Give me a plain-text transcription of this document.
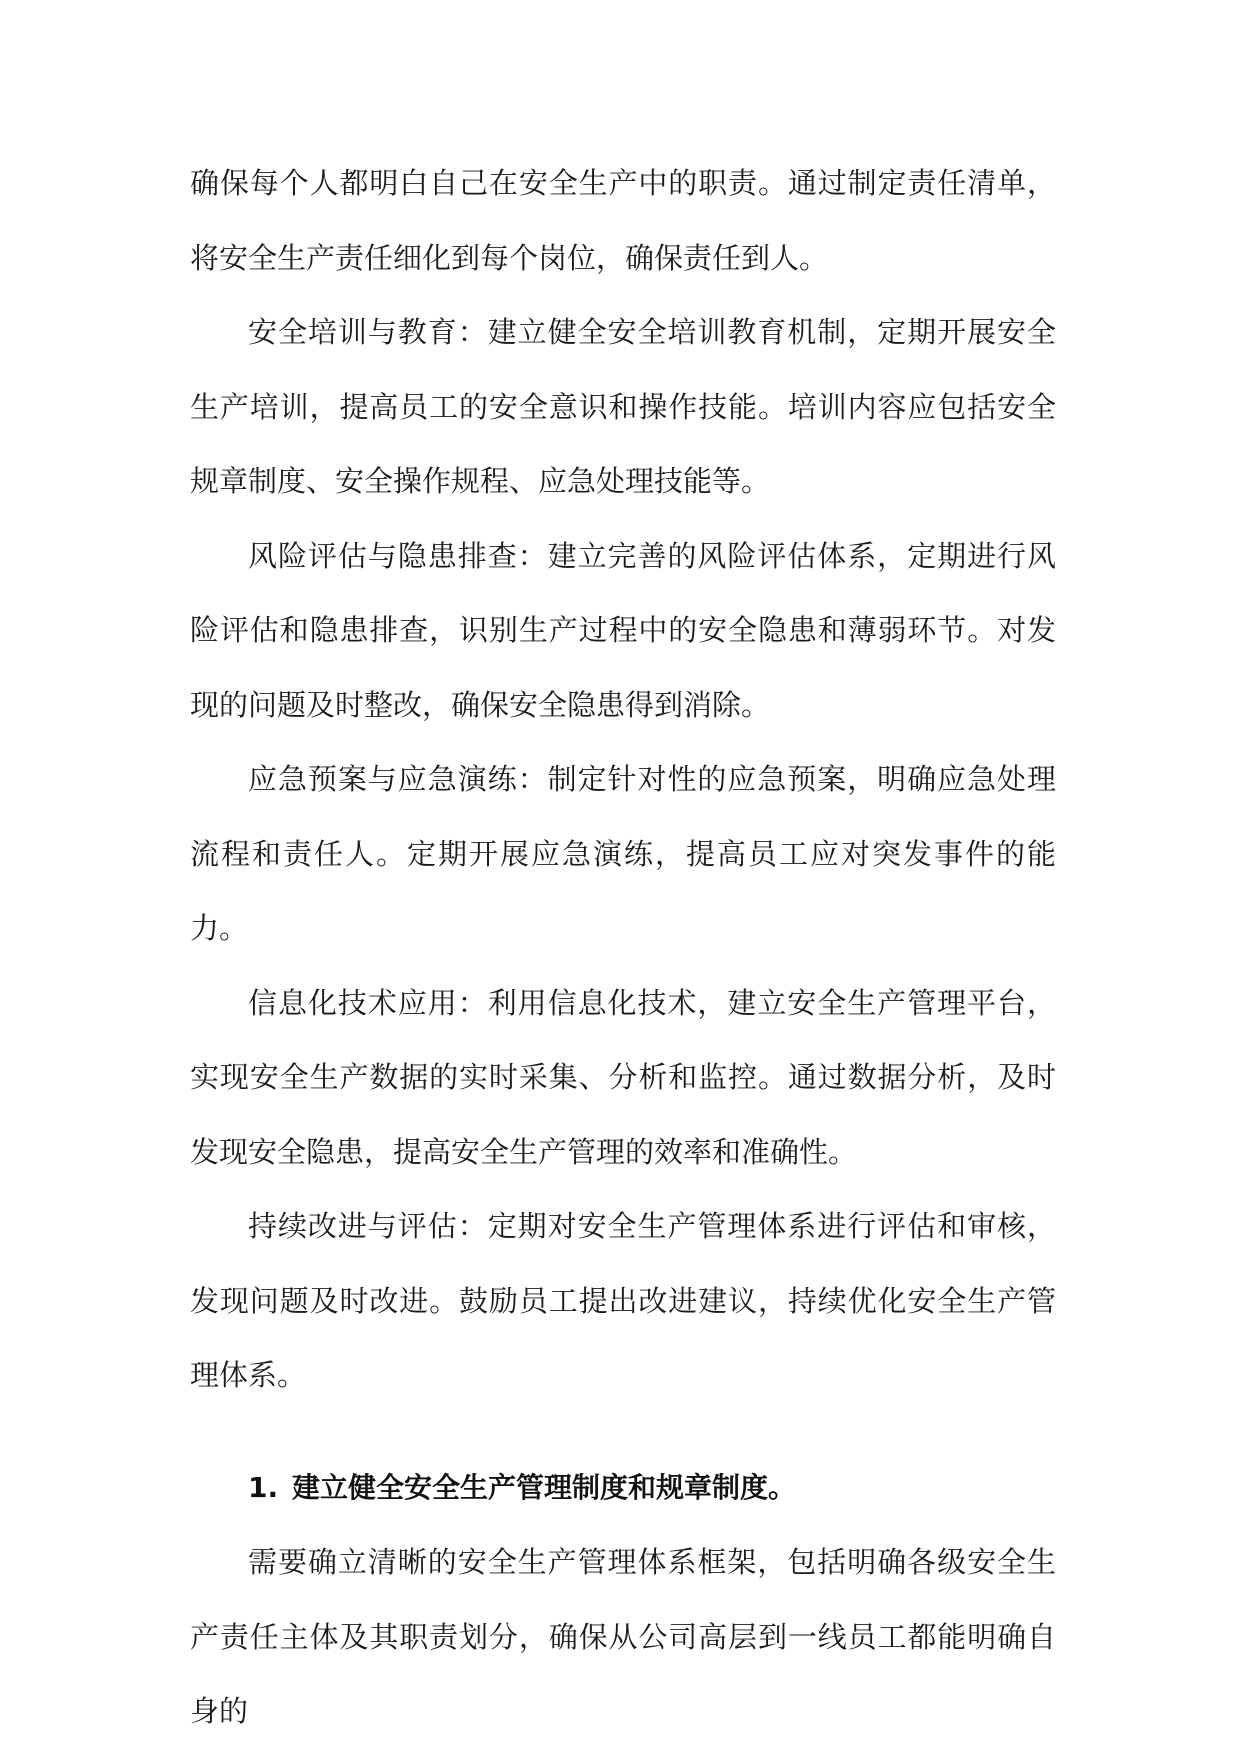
确保每个人都明白自己在安全生产中的职责。通过制定责任清单，将安全生产责任细化到每个岗位，确保责任到人。

安全培训与教育：建立健全安全培训教育机制，定期开展安全生产培训，提高员工的安全意识和操作技能。培训内容应包括安全规章制度、安全操作规程、应急处理技能等。

风险评估与隐患排查：建立完善的风险评估体系，定期进行风险评估和隐患排查，识别生产过程中的安全隐患和薄弱环节。对发现的问题及时整改，确保安全隐患得到消除。

应急预案与应急演练：制定针对性的应急预案，明确应急处理流程和责任人。定期开展应急演练，提高员工应对突发事件的能力。

信息化技术应用：利用信息化技术，建立安全生产管理平台，实现安全生产数据的实时采集、分析和监控。通过数据分析，及时发现安全隐患，提高安全生产管理的效率和准确性。

持续改进与评估：定期对安全生产管理体系进行评估和审核，发现问题及时改进。鼓励员工提出改进建议，持续优化安全生产管理体系。

1. 建立健全安全生产管理制度和规章制度。

需要确立清晰的安全生产管理体系框架，包括明确各级安全生产责任主体及其职责划分，确保从公司高层到一线员工都能明确自身的
